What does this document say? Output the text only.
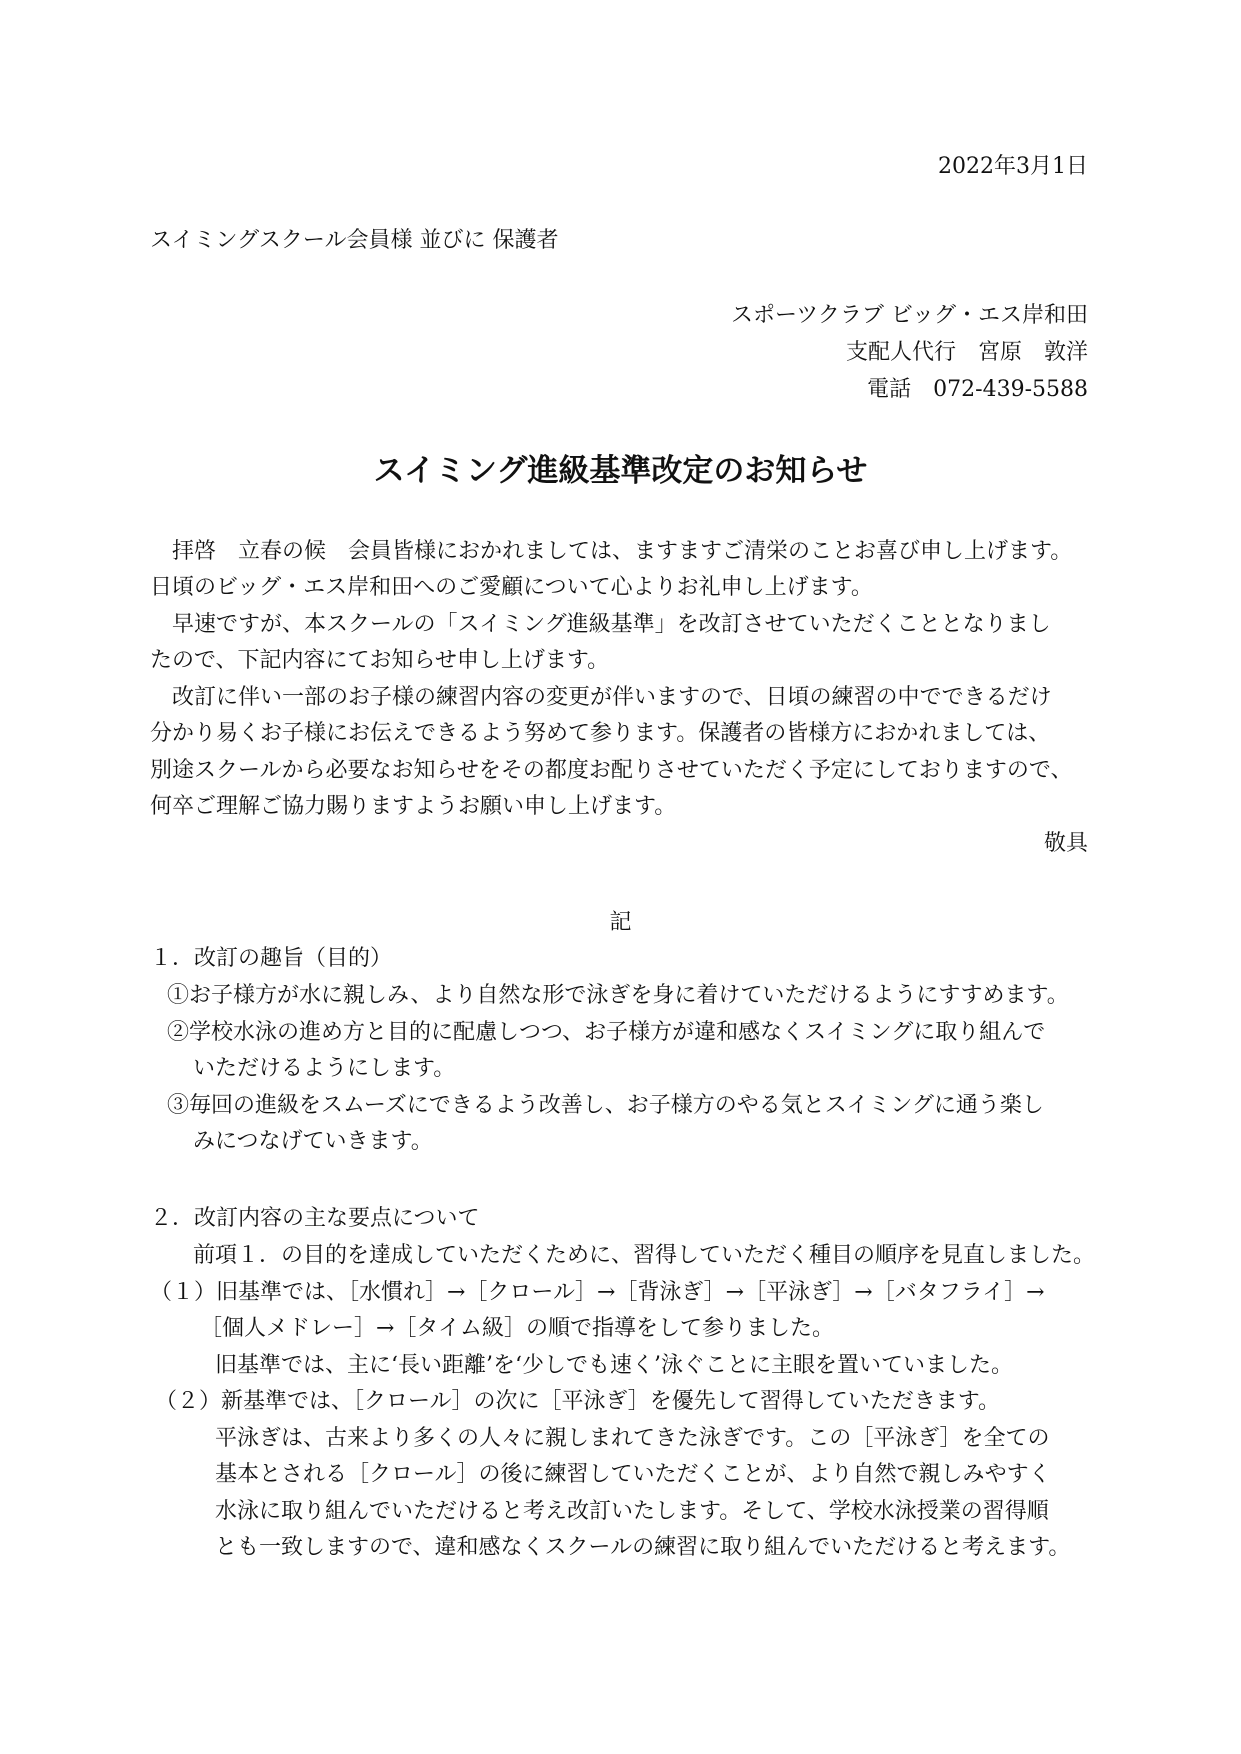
2022年3月1日

スイミングスクール会員様 並びに 保護者

スポーツクラブ ビッグ・エス岸和田

支配人代行　宮原　敦洋

電話　072-439-5588

スイミング進級基準改定のお知らせ

拝啓　立春の候　会員皆様におかれましては、ますますご清栄のことお喜び申し上げます。

日頃のビッグ・エス岸和田へのご愛顧について心よりお礼申し上げます。

早速ですが、本スクールの「スイミング進級基準」を改訂させていただくこととなりまし

たので、下記内容にてお知らせ申し上げます。

改訂に伴い一部のお子様の練習内容の変更が伴いますので、日頃の練習の中でできるだけ

分かり易くお子様にお伝えできるよう努めて参ります。保護者の皆様方におかれましては、

別途スクールから必要なお知らせをその都度お配りさせていただく予定にしておりますので、

何卒ご理解ご協力賜りますようお願い申し上げます。

敬具

記

１．改訂の趣旨（目的）

①お子様方が水に親しみ、より自然な形で泳ぎを身に着けていただけるようにすすめます。

②学校水泳の進め方と目的に配慮しつつ、お子様方が違和感なくスイミングに取り組んで

いただけるようにします。

③毎回の進級をスムーズにできるよう改善し、お子様方のやる気とスイミングに通う楽し

みにつなげていきます。

２．改訂内容の主な要点について

前項１．の目的を達成していただくために、習得していただく種目の順序を見直しました。

（１）旧基準では、［水慣れ］→［クロール］→［背泳ぎ］→［平泳ぎ］→［バタフライ］→

［個人メドレー］→［タイム級］の順で指導をして参りました。

旧基準では、主に‘長い距離’を‘少しでも速く’泳ぐことに主眼を置いていました。

（２）新基準では、［クロール］の次に［平泳ぎ］を優先して習得していただきます。

平泳ぎは、古来より多くの人々に親しまれてきた泳ぎです。この［平泳ぎ］を全ての

基本とされる［クロール］の後に練習していただくことが、より自然で親しみやすく

水泳に取り組んでいただけると考え改訂いたします。そして、学校水泳授業の習得順

とも一致しますので、違和感なくスクールの練習に取り組んでいただけると考えます。
